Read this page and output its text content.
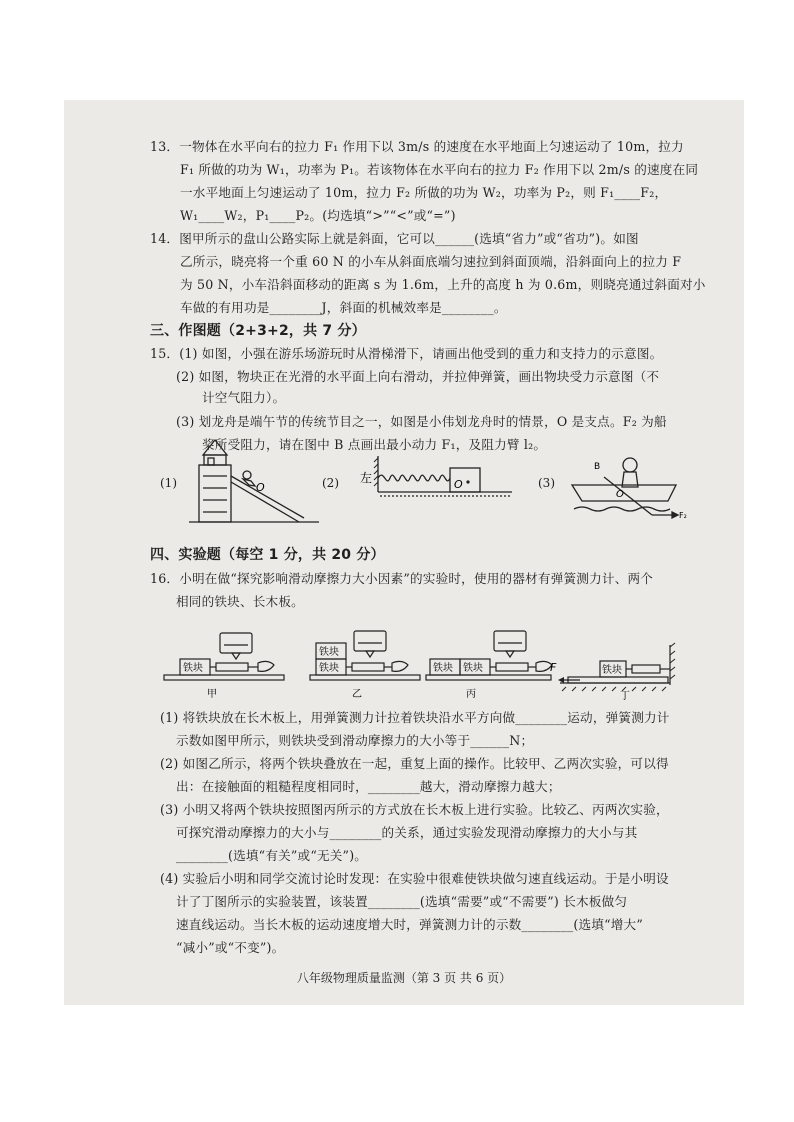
13．一物体在水平向右的拉力 F₁ 作用下以 3m/s 的速度在水平地面上匀速运动了 10m，拉力
F₁ 所做的功为 W₁，功率为 P₁。若该物体在水平向右的拉力 F₂ 作用下以 2m/s 的速度在同
一水平地面上匀速运动了 10m，拉力 F₂ 所做的功为 W₂，功率为 P₂，则 F₁____F₂，
W₁____W₂，P₁____P₂。(均选填“>”“<”或“=”)
14．图甲所示的盘山公路实际上就是斜面，它可以______(选填“省力”或“省功”)。如图
乙所示，晓亮将一个重 60 N 的小车从斜面底端匀速拉到斜面顶端，沿斜面向上的拉力 F
为 50 N，小车沿斜面移动的距离 s 为 1.6m，上升的高度 h 为 0.6m，则晓亮通过斜面对小
车做的有用功是________J，斜面的机械效率是________。
三、作图题（2+3+2，共 7 分）
15．(1) 如图，小强在游乐场游玩时从滑梯滑下，请画出他受到的重力和支持力的示意图。
(2) 如图，物块正在光滑的水平面上向右滑动，并拉伸弹簧，画出物块受力示意图（不
计空气阻力）。
(3) 划龙舟是端午节的传统节目之一，如图是小伟划龙舟时的情景，O 是支点。F₂ 为船
桨所受阻力，请在图中 B 点画出最小动力 F₁，及阻力臂 l₂。
(1)	(2)	(3)
O
左	O
B
O
F₂
四、实验题（每空 1 分，共 20 分）
16．小明在做“探究影响滑动摩擦力大小因素”的实验时，使用的器材有弹簧测力计、两个
相同的铁块、长木板。
铁块	铁块
铁块
铁块 铁块	铁块
F
甲	乙	丙	丁
(1) 将铁块放在长木板上，用弹簧测力计拉着铁块沿水平方向做________运动，弹簧测力计
示数如图甲所示，则铁块受到滑动摩擦力的大小等于______N；
(2) 如图乙所示，将两个铁块叠放在一起，重复上面的操作。比较甲、乙两次实验，可以得
出：在接触面的粗糙程度相同时，________越大，滑动摩擦力越大；
(3) 小明又将两个铁块按照图丙所示的方式放在长木板上进行实验。比较乙、丙两次实验，
可探究滑动摩擦力的大小与________的关系，通过实验发现滑动摩擦力的大小与其
________(选填“有关”或“无关”)。
(4) 实验后小明和同学交流讨论时发现：在实验中很难使铁块做匀速直线运动。于是小明设
计了丁图所示的实验装置，该装置________(选填“需要”或“不需要”) 长木板做匀
速直线运动。当长木板的运动速度增大时，弹簧测力计的示数________(选填“增大”
“减小”或“不变”)。
八年级物理质量监测（第 3 页 共 6 页）
